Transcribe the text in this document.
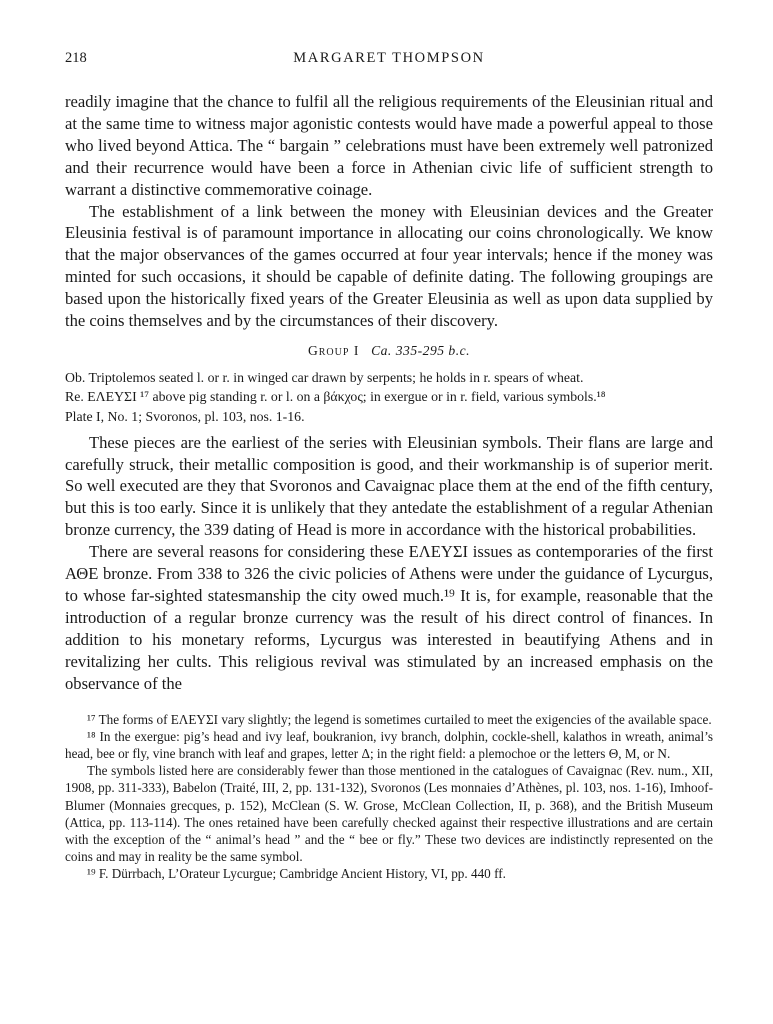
218	MARGARET THOMPSON

readily imagine that the chance to fulfil all the religious requirements of the Eleusinian ritual and at the same time to witness major agonistic contests would have made a powerful appeal to those who lived beyond Attica. The “ bargain ” celebrations must have been extremely well patronized and their recurrence would have been a force in Athenian civic life of sufficient strength to warrant a distinctive commemorative coinage.

The establishment of a link between the money with Eleusinian devices and the Greater Eleusinia festival is of paramount importance in allocating our coins chronologically. We know that the major observances of the games occurred at four year intervals; hence if the money was minted for such occasions, it should be capable of definite dating. The following groupings are based upon the historically fixed years of the Greater Eleusinia as well as upon data supplied by the coins themselves and by the circumstances of their discovery.

Group I Ca. 335-295 b.c.

Ob. Triptolemos seated l. or r. in winged car drawn by serpents; he holds in r. spears of wheat.

Re. ΕΛΕΥΣΙ ¹⁷ above pig standing r. or l. on a βάκχος; in exergue or in r. field, various symbols.¹⁸

Plate I, No. 1; Svoronos, pl. 103, nos. 1-16.

These pieces are the earliest of the series with Eleusinian symbols. Their flans are large and carefully struck, their metallic composition is good, and their workmanship is of superior merit. So well executed are they that Svoronos and Cavaignac place them at the end of the fifth century, but this is too early. Since it is unlikely that they antedate the establishment of a regular Athenian bronze currency, the 339 dating of Head is more in accordance with the historical probabilities.

There are several reasons for considering these ΕΛΕΥΣΙ issues as contemporaries of the first ΑΘΕ bronze. From 338 to 326 the civic policies of Athens were under the guidance of Lycurgus, to whose far-sighted statesmanship the city owed much.¹⁹ It is, for example, reasonable that the introduction of a regular bronze currency was the result of his direct control of finances. In addition to his monetary reforms, Lycurgus was interested in beautifying Athens and in revitalizing her cults. This religious revival was stimulated by an increased emphasis on the observance of the

¹⁷ The forms of ΕΛΕΥΣΙ vary slightly; the legend is sometimes curtailed to meet the exigencies of the available space.

¹⁸ In the exergue: pig’s head and ivy leaf, boukranion, ivy branch, dolphin, cockle-shell, kalathos in wreath, animal’s head, bee or fly, vine branch with leaf and grapes, letter Δ; in the right field: a plemochoe or the letters Θ, Μ, or Ν.

The symbols listed here are considerably fewer than those mentioned in the catalogues of Cavaignac (Rev. num., XII, 1908, pp. 311-333), Babelon (Traité, III, 2, pp. 131-132), Svoronos (Les monnaies d’Athènes, pl. 103, nos. 1-16), Imhoof-Blumer (Monnaies grecques, p. 152), McClean (S. W. Grose, McClean Collection, II, p. 368), and the British Museum (Attica, pp. 113-114). The ones retained have been carefully checked against their respective illustrations and are certain with the exception of the “ animal’s head ” and the “ bee or fly.” These two devices are indistinctly represented on the coins and may in reality be the same symbol.

¹⁹ F. Dürrbach, L’Orateur Lycurgue; Cambridge Ancient History, VI, pp. 440 ff.
